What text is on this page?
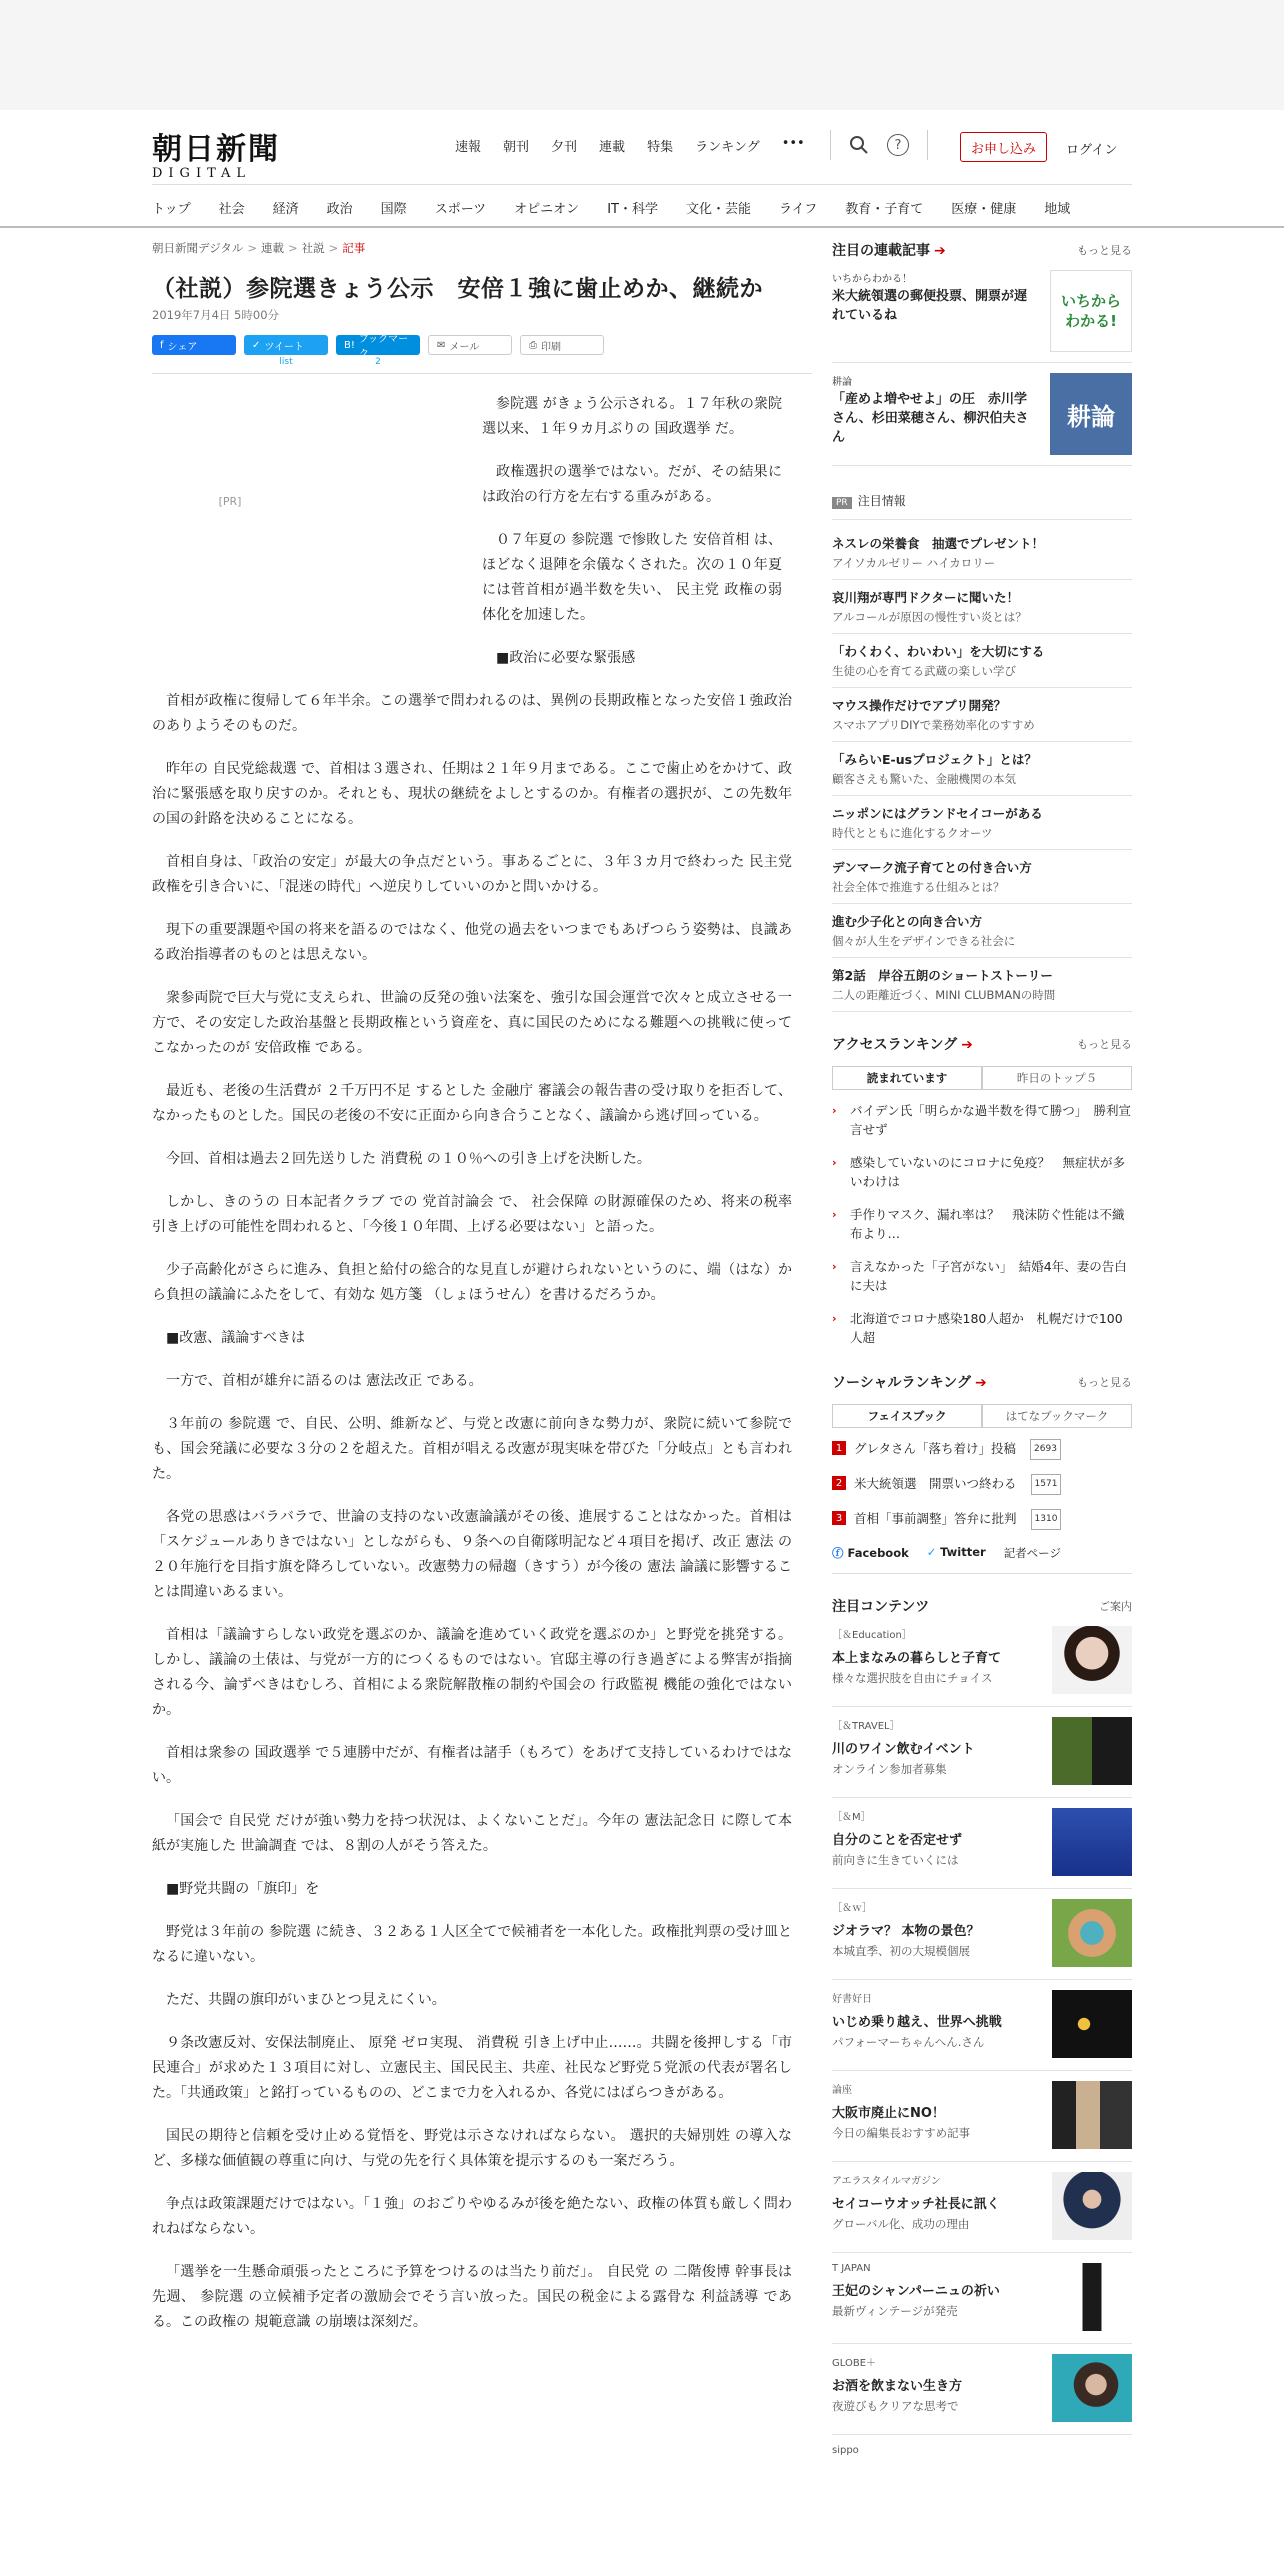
朝日新聞
DIGITAL
速報 朝刊 夕刊 連載 特集 ランキング •••	?	お申し込み	ログイン
トップ 社会 経済 政治 国際 スポーツ オピニオン IT・科学 文化・芸能 ライフ 教育・子育て 医療・健康 地域
朝日新聞デジタル > 連載 > 社説 > 記事
（社説）参院選きょう公示　安倍１強に歯止めか、継続か
2019年7月4日 5時00分
f シェア	✓ ツイート
list
B! ブックマーク
2
✉ メール	⎙ 印刷
[PR]

参院選 がきょう公示される。１７年秋の衆院選以来、１年９カ月ぶりの 国政選挙 だ。

政権選択の選挙ではない。だが、その結果には政治の行方を左右する重みがある。

０７年夏の 参院選 で惨敗した 安倍首相 は、ほどなく退陣を余儀なくされた。次の１０年夏には菅首相が過半数を失い、 民主党 政権の弱体化を加速した。

■政治に必要な緊張感

首相が政権に復帰して６年半余。この選挙で問われるのは、異例の長期政権となった安倍１強政治のありようそのものだ。

昨年の 自民党総裁選 で、首相は３選され、任期は２１年９月まである。ここで歯止めをかけて、政治に緊張感を取り戻すのか。それとも、現状の継続をよしとするのか。有権者の選択が、この先数年の国の針路を決めることになる。

首相自身は、「政治の安定」が最大の争点だという。事あるごとに、３年３カ月で終わった 民主党 政権を引き合いに、「混迷の時代」へ逆戻りしていいのかと問いかける。

現下の重要課題や国の将来を語るのではなく、他党の過去をいつまでもあげつらう姿勢は、良識ある政治指導者のものとは思えない。

衆参両院で巨大与党に支えられ、世論の反発の強い法案を、強引な国会運営で次々と成立させる一方で、その安定した政治基盤と長期政権という資産を、真に国民のためになる難題への挑戦に使ってこなかったのが 安倍政権 である。

最近も、老後の生活費が ２千万円不足 するとした 金融庁 審議会の報告書の受け取りを拒否して、なかったものとした。国民の老後の不安に正面から向き合うことなく、議論から逃げ回っている。

今回、首相は過去２回先送りした 消費税 の１０％への引き上げを決断した。

しかし、きのうの 日本記者クラブ での 党首討論会 で、 社会保障 の財源確保のため、将来の税率引き上げの可能性を問われると、「今後１０年間、上げる必要はない」と語った。

少子高齢化がさらに進み、負担と給付の総合的な見直しが避けられないというのに、端（はな）から負担の議論にふたをして、有効な 処方箋 （しょほうせん）を書けるだろうか。

■改憲、議論すべきは

一方で、首相が雄弁に語るのは 憲法改正 である。

３年前の 参院選 で、自民、公明、維新など、与党と改憲に前向きな勢力が、衆院に続いて参院でも、国会発議に必要な３分の２を超えた。首相が唱える改憲が現実味を帯びた「分岐点」とも言われた。

各党の思惑はバラバラで、世論の支持のない改憲論議がその後、進展することはなかった。首相は「スケジュールありきではない」としながらも、９条への自衛隊明記など４項目を掲げ、改正 憲法 の２０年施行を目指す旗を降ろしていない。改憲勢力の帰趨（きすう）が今後の 憲法 論議に影響することは間違いあるまい。

首相は「議論すらしない政党を選ぶのか、議論を進めていく政党を選ぶのか」と野党を挑発する。しかし、議論の土俵は、与党が一方的につくるものではない。官邸主導の行き過ぎによる弊害が指摘される今、論ずべきはむしろ、首相による衆院解散権の制約や国会の 行政監視 機能の強化ではないか。

首相は衆参の 国政選挙 で５連勝中だが、有権者は諸手（もろて）をあげて支持しているわけではない。

「国会で 自民党 だけが強い勢力を持つ状況は、よくないことだ」。今年の 憲法記念日 に際して本紙が実施した 世論調査 では、８割の人がそう答えた。

■野党共闘の「旗印」を

野党は３年前の 参院選 に続き、３２ある１人区全てで候補者を一本化した。政権批判票の受け皿となるに違いない。

ただ、共闘の旗印がいまひとつ見えにくい。

９条改憲反対、安保法制廃止、 原発 ゼロ実現、 消費税 引き上げ中止……。共闘を後押しする「市民連合」が求めた１３項目に対し、立憲民主、国民民主、共産、社民など野党５党派の代表が署名した。「共通政策」と銘打っているものの、どこまで力を入れるか、各党にはばらつきがある。

国民の期待と信頼を受け止める覚悟を、野党は示さなければならない。 選択的夫婦別姓 の導入など、多様な価値観の尊重に向け、与党の先を行く具体策を提示するのも一案だろう。

争点は政策課題だけではない。「１強」のおごりやゆるみが後を絶たない、政権の体質も厳しく問われねばならない。

「選挙を一生懸命頑張ったところに予算をつけるのは当たり前だ」。 自民党 の 二階俊博 幹事長は先週、 参院選 の立候補予定者の激励会でそう言い放った。国民の税金による露骨な 利益誘導 である。この政権の 規範意識 の崩壊は深刻だ。

注目の連載記事 ➔	もっと見る
いちからわかる！
米大統領選の郵便投票、開票が遅れているね
いちから わかる!
耕論
「産めよ増やせよ」の圧　赤川学さん、杉田菜穂さん、柳沢伯夫さん
耕論
PR 注目情報
ネスレの栄養食　抽選でプレゼント！
アイソカルゼリー ハイカロリー
哀川翔が専門ドクターに聞いた！
アルコールが原因の慢性すい炎とは？
「わくわく、わいわい」を大切にする
生徒の心を育てる武蔵の楽しい学び
マウス操作だけでアプリ開発？
スマホアプリDIYで業務効率化のすすめ
「みらいE-usプロジェクト」とは？
顧客さえも驚いた、金融機関の本気
ニッポンにはグランドセイコーがある
時代とともに進化するクオーツ
デンマーク流子育てとの付き合い方
社会全体で推進する仕組みとは？
進む少子化との向き合い方
個々が人生をデザインできる社会に
第2話　岸谷五朗のショートストーリー
二人の距離近づく、MINI CLUBMANの時間
アクセスランキング ➔	もっと見る
読まれています	昨日のトップ５
›	バイデン氏「明らかな過半数を得て勝つ」　勝利宣言せず
›	感染していないのにコロナに免疫？　無症状が多いわけは
›	手作りマスク、漏れ率は？　飛沫防ぐ性能は不織布より…
›	言えなかった「子宮がない」　結婚4年、妻の告白に夫は
›	北海道でコロナ感染180人超か　札幌だけで100人超
ソーシャルランキング ➔	もっと見る
フェイスブック	はてなブックマーク
1 グレタさん「落ち着け」投稿	2693
2 米大統領選　開票いつ終わる	1571
3 首相「事前調整」答弁に批判	1310
ⓕ Facebook ✓ Twitter 記者ページ
注目コンテンツ	ご案内
［＆Education］
本上まなみの暮らしと子育て
様々な選択肢を自由にチョイス
［＆TRAVEL］
川のワイン飲むイベント
オンライン参加者募集
［＆M］
自分のことを否定せず
前向きに生きていくには
［＆ｗ］
ジオラマ？ 本物の景色？
本城直季、初の大規模個展
好書好日
いじめ乗り越え、世界へ挑戦
パフォーマーちゃんへん.さん
論座
大阪市廃止にNO！
今日の編集長おすすめ記事
アエラスタイルマガジン
セイコーウオッチ社長に訊く
グローバル化、成功の理由
T JAPAN
王妃のシャンパーニュの祈い
最新ヴィンテージが発売
GLOBE＋
お酒を飲まない生き方
夜遊びもクリアな思考で
sippo
